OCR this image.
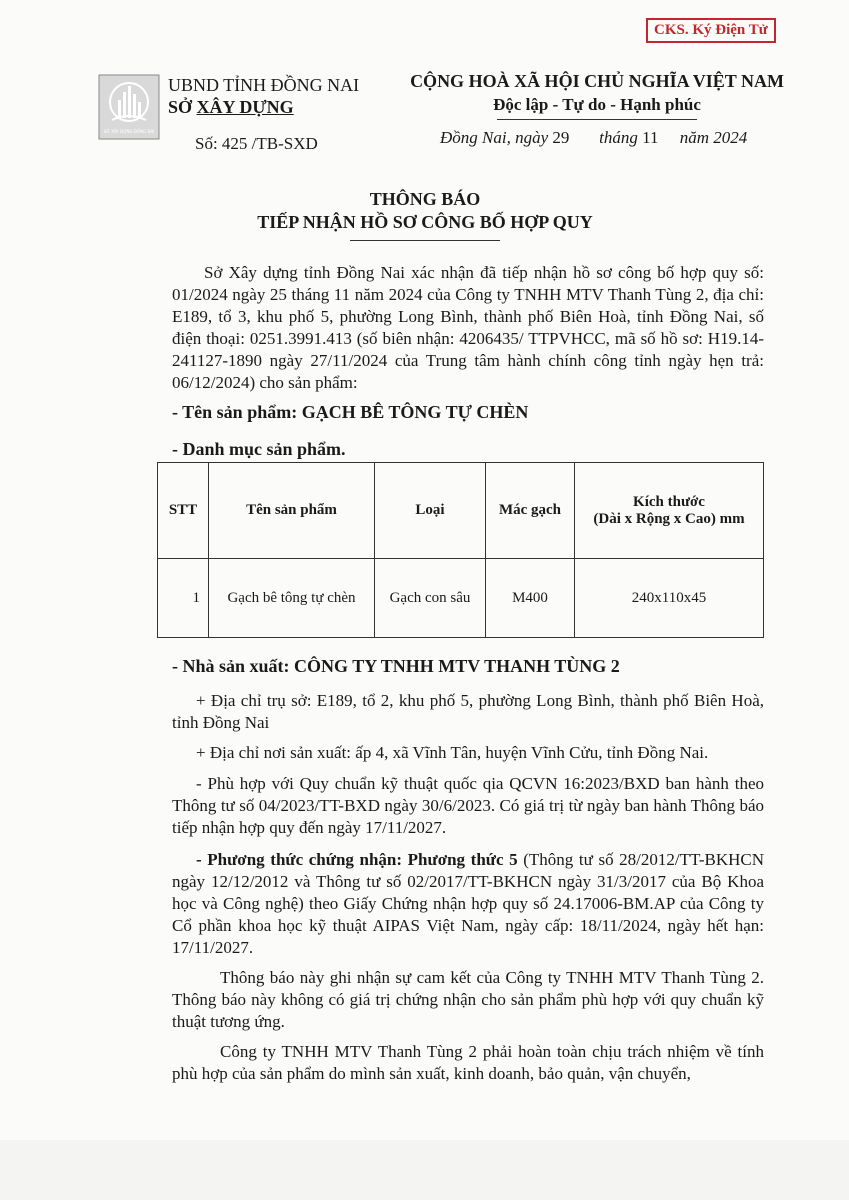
CKS. Ký Điện Tử
SỞ XÂY DỰNG ĐỒNG NAI
UBND TỈNH ĐỒNG NAI
SỞ XÂY DỰNG
Số: 425 /TB-SXD
CỘNG HOÀ XÃ HỘI CHỦ NGHĨA VIỆT NAM
Độc lập - Tự do - Hạnh phúc
Đồng Nai, ngày 29 tháng 11 năm 2024
THÔNG BÁO
TIẾP NHẬN HỒ SƠ CÔNG BỐ HỢP QUY
Sở Xây dựng tỉnh Đồng Nai xác nhận đã tiếp nhận hồ sơ công bố hợp quy số: 01/2024 ngày 25 tháng 11 năm 2024 của Công ty TNHH MTV Thanh Tùng 2, địa chỉ: E189, tổ 3, khu phố 5, phường Long Bình, thành phố Biên Hoà, tỉnh Đồng Nai, số điện thoại: 0251.3991.413 (số biên nhận: 4206435/ TTPVHCC, mã số hồ sơ: H19.14-241127-1890 ngày 27/11/2024 của Trung tâm hành chính công tỉnh ngày hẹn trả: 06/12/2024) cho sản phẩm:
- Tên sản phẩm: GẠCH BÊ TÔNG TỰ CHÈN
- Danh mục sản phẩm.
STT	Tên sản phẩm	Loại	Mác gạch	Kích thước
(Dài x Rộng x Cao) mm

1	Gạch bê tông tự chèn	Gạch con sâu	M400	240x110x45
- Nhà sản xuất: CÔNG TY TNHH MTV THANH TÙNG 2
+ Địa chỉ trụ sở: E189, tổ 2, khu phố 5, phường Long Bình, thành phố Biên Hoà, tỉnh Đồng Nai
+ Địa chỉ nơi sản xuất: ấp 4, xã Vĩnh Tân, huyện Vĩnh Cửu, tỉnh Đồng Nai.
- Phù hợp với Quy chuẩn kỹ thuật quốc qia QCVN 16:2023/BXD ban hành theo Thông tư số 04/2023/TT-BXD ngày 30/6/2023. Có giá trị từ ngày ban hành Thông báo tiếp nhận hợp quy đến ngày 17/11/2027.
- Phương thức chứng nhận: Phương thức 5 (Thông tư số 28/2012/TT-BKHCN ngày 12/12/2012 và Thông tư số 02/2017/TT-BKHCN ngày 31/3/2017 của Bộ Khoa học và Công nghệ) theo Giấy Chứng nhận hợp quy số 24.17006-BM.AP của Công ty Cổ phần khoa học kỹ thuật AIPAS Việt Nam, ngày cấp: 18/11/2024, ngày hết hạn: 17/11/2027.
Thông báo này ghi nhận sự cam kết của Công ty TNHH MTV Thanh Tùng 2. Thông báo này không có giá trị chứng nhận cho sản phẩm phù hợp với quy chuẩn kỹ thuật tương ứng.
Công ty TNHH MTV Thanh Tùng 2 phải hoàn toàn chịu trách nhiệm về tính phù hợp của sản phẩm do mình sản xuất, kinh doanh, bảo quản, vận chuyển,
